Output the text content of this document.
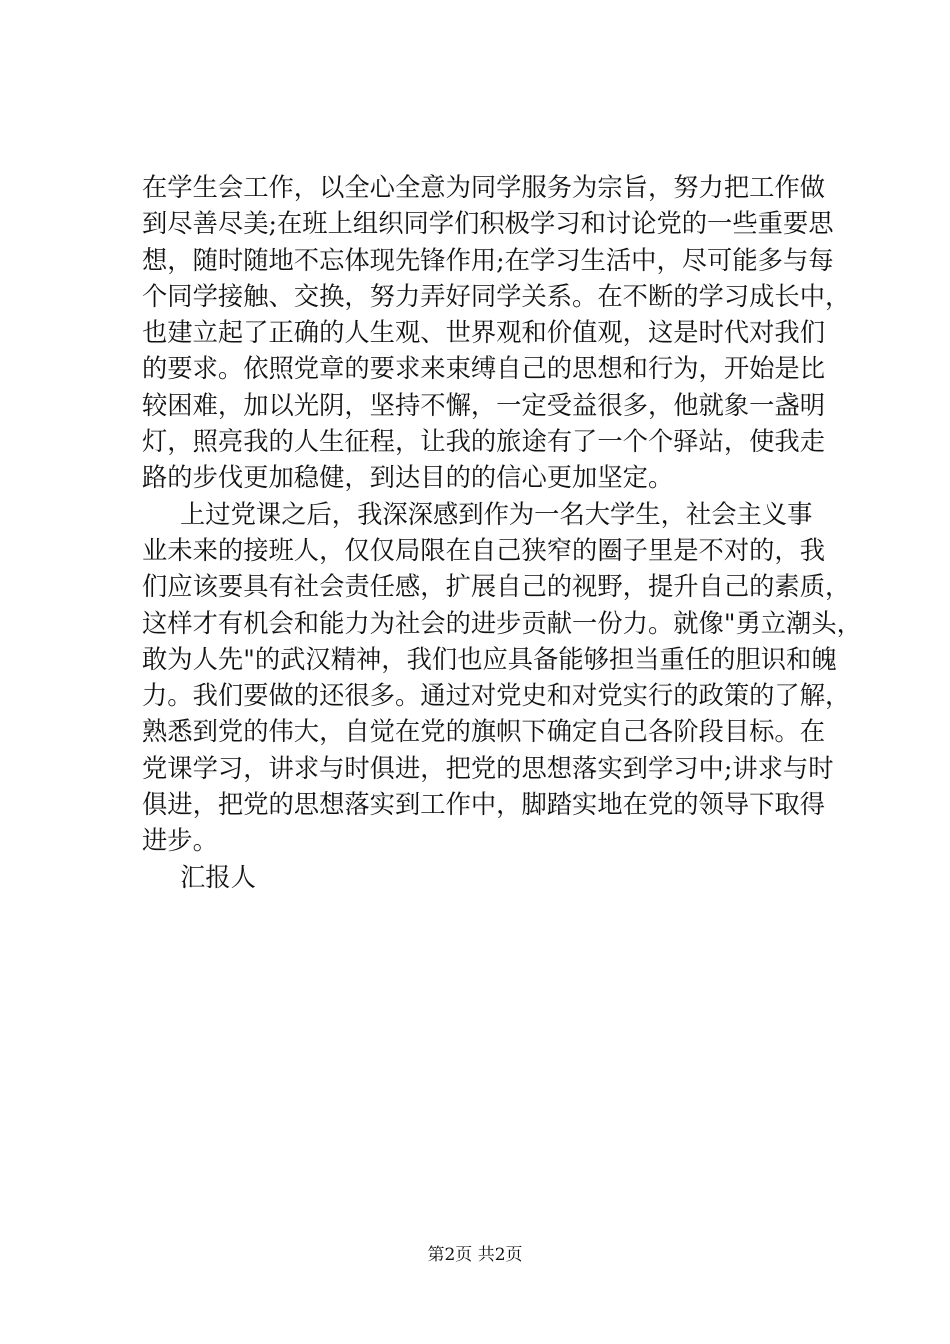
在学生会工作，以全心全意为同学服务为宗旨，努力把工作做
到尽善尽美;在班上组织同学们积极学习和讨论党的一些重要思
想，随时随地不忘体现先锋作用;在学习生活中，尽可能多与每
个同学接触、交换，努力弄好同学关系。在不断的学习成长中，
也建立起了正确的人生观、世界观和价值观，这是时代对我们
的要求。依照党章的要求来束缚自己的思想和行为，开始是比
较困难，加以光阴，坚持不懈，一定受益很多，他就象一盏明
灯，照亮我的人生征程，让我的旅途有了一个个驿站，使我走
路的步伐更加稳健，到达目的的信心更加坚定。

上过党课之后，我深深感到作为一名大学生，社会主义事
业未来的接班人，仅仅局限在自己狭窄的圈子里是不对的，我
们应该要具有社会责任感，扩展自己的视野，提升自己的素质，
这样才有机会和能力为社会的进步贡献一份力。就像"勇立潮头，
敢为人先"的武汉精神，我们也应具备能够担当重任的胆识和魄
力。我们要做的还很多。通过对党史和对党实行的政策的了解，
熟悉到党的伟大，自觉在党的旗帜下确定自己各阶段目标。在
党课学习，讲求与时俱进，把党的思想落实到学习中;讲求与时
俱进，把党的思想落实到工作中，脚踏实地在党的领导下取得
进步。

汇报人

第2页 共2页
